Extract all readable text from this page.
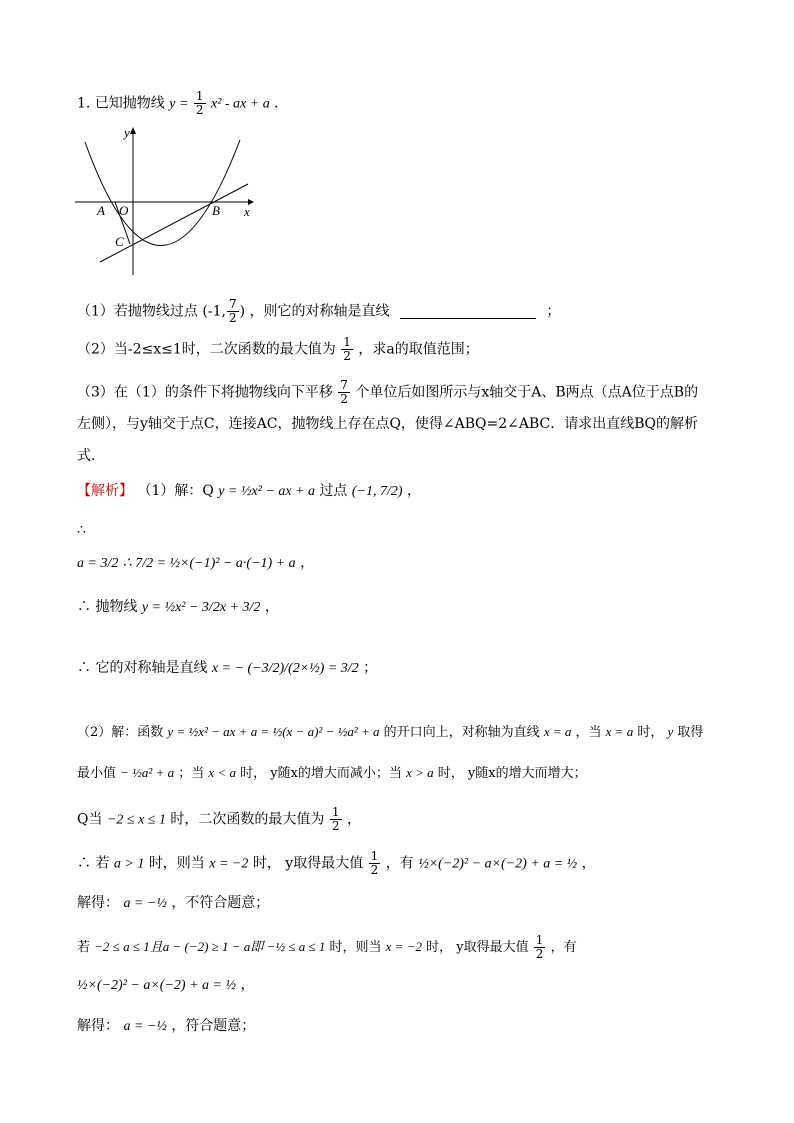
1. 已知抛物线 $y = \frac{1}{2} x^2$ - ax + a ．
y
x
A O	B
C
（1）若抛物线过点 (-1, $\frac{7}{2}$ ) ，则它的对称轴是直线	；
（2）当-2≤x≤1时，二次函数的最大值为 $\frac{1}{2}$ ，求a的取值范围；
（3）在（1）的条件下将抛物线向下平移 $\frac{7}{2}$ 个单位后如图所示与x轴交于A、B两点（点A位于点B的
左侧），与y轴交于点C，连接AC，抛物线上存在点Q，使得∠ABQ=2∠ABC．请求出直线BQ的解析
式．
【解析】 （1）解：Q y = ½x² − ax + a 过点 (−1, 7/2) ，
∴
a = 3/2 ∴ 7/2 = ½×(−1)² − a·(−1) + a ，
∴ 抛物线 y = ½x² − 3/2x + 3/2 ，
∴ 它的对称轴是直线 x = − (−3/2)/(2×½) = 3/2 ；
（2）解：函数 y = ½x² − ax + a = ½(x − a)² − ½a² + a 的开口向上，对称轴为直线 x = a ，当 x = a 时， y 取得
最小值 − ½a² + a ；当 x < a 时， y随x的增大而减小；当 x > a 时， y随x的增大而增大；
Q当 −2 ≤ x ≤ 1 时，二次函数的最大值为 $\frac{1}{2}$ ，
∴ 若 a > 1 时，则当 x = −2 时， y取得最大值 $\frac{1}{2}$ ，有 ½×(−2)² − a×(−2) + a = ½ ，
解得： a = −½ ，不符合题意；
若 −2 ≤ a ≤ 1且a − (−2) ≥ 1 − a即 −½ ≤ a ≤ 1 时，则当 x = −2 时， y取得最大值 $\frac{1}{2}$ ，有
½×(−2)² − a×(−2) + a = ½ ，
解得： a = −½ ，符合题意；
